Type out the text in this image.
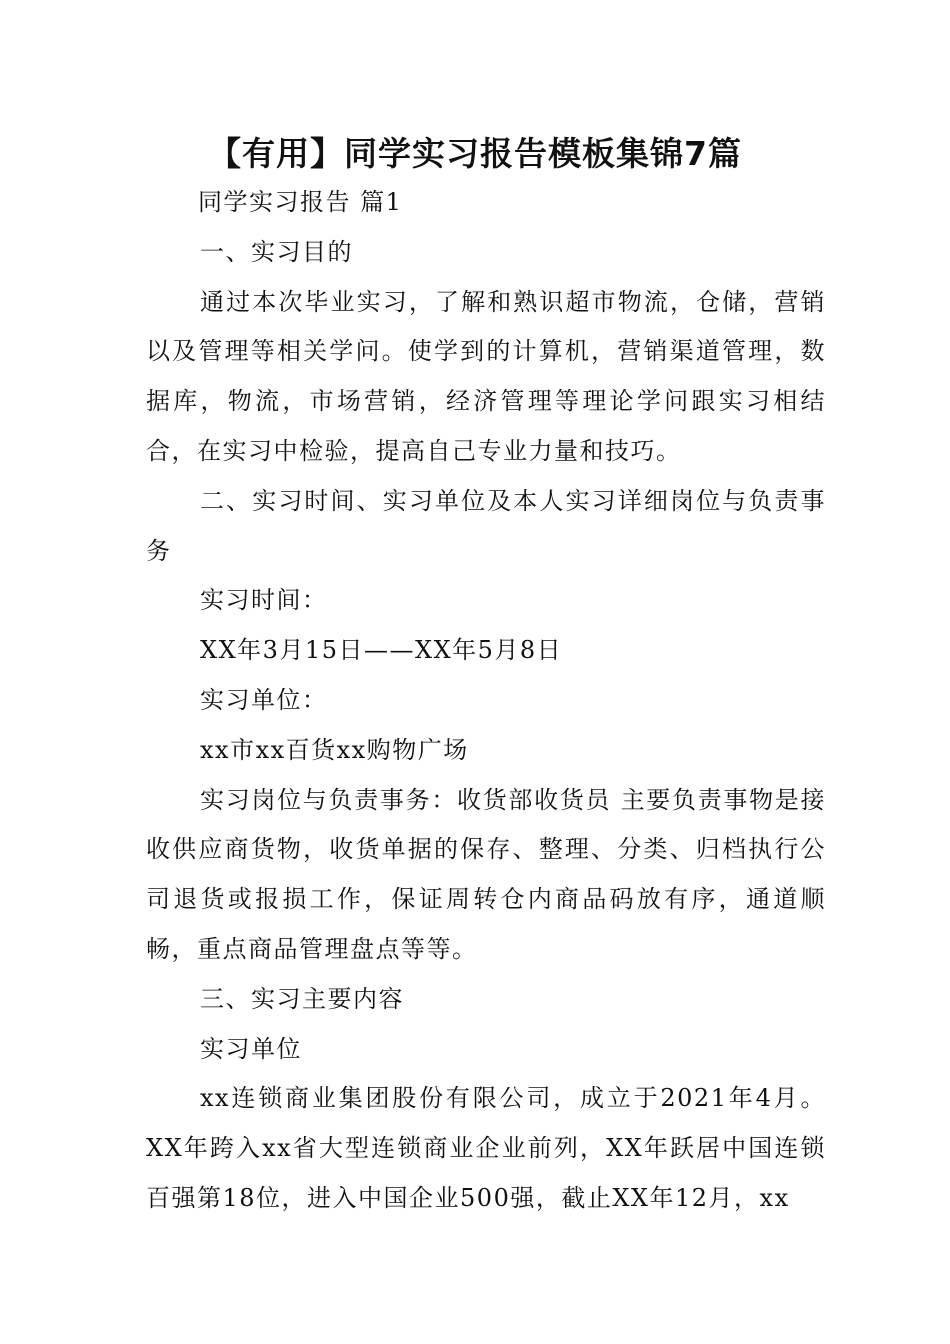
【有用】同学实习报告模板集锦7篇

同学实习报告 篇1

一、实习目的

通过本次毕业实习，了解和熟识超市物流，仓储，营销以及管理等相关学问。使学到的计算机，营销渠道管理，数据库，物流，市场营销，经济管理等理论学问跟实习相结合，在实习中检验，提高自己专业力量和技巧。

二、实习时间、实习单位及本人实习详细岗位与负责事务

实习时间：

XX年3月15日——XX年5月8日

实习单位：

xx市xx百货xx购物广场

实习岗位与负责事务：收货部收货员 主要负责事物是接收供应商货物，收货单据的保存、整理、分类、归档执行公司退货或报损工作，保证周转仓内商品码放有序，通道顺畅，重点商品管理盘点等等。

三、实习主要内容

实习单位

xx连锁商业集团股份有限公司，成立于2021年4月。XX年跨入xx省大型连锁商业企业前列，XX年跃居中国连锁百强第18位，进入中国企业500强，截止XX年12月，xx
